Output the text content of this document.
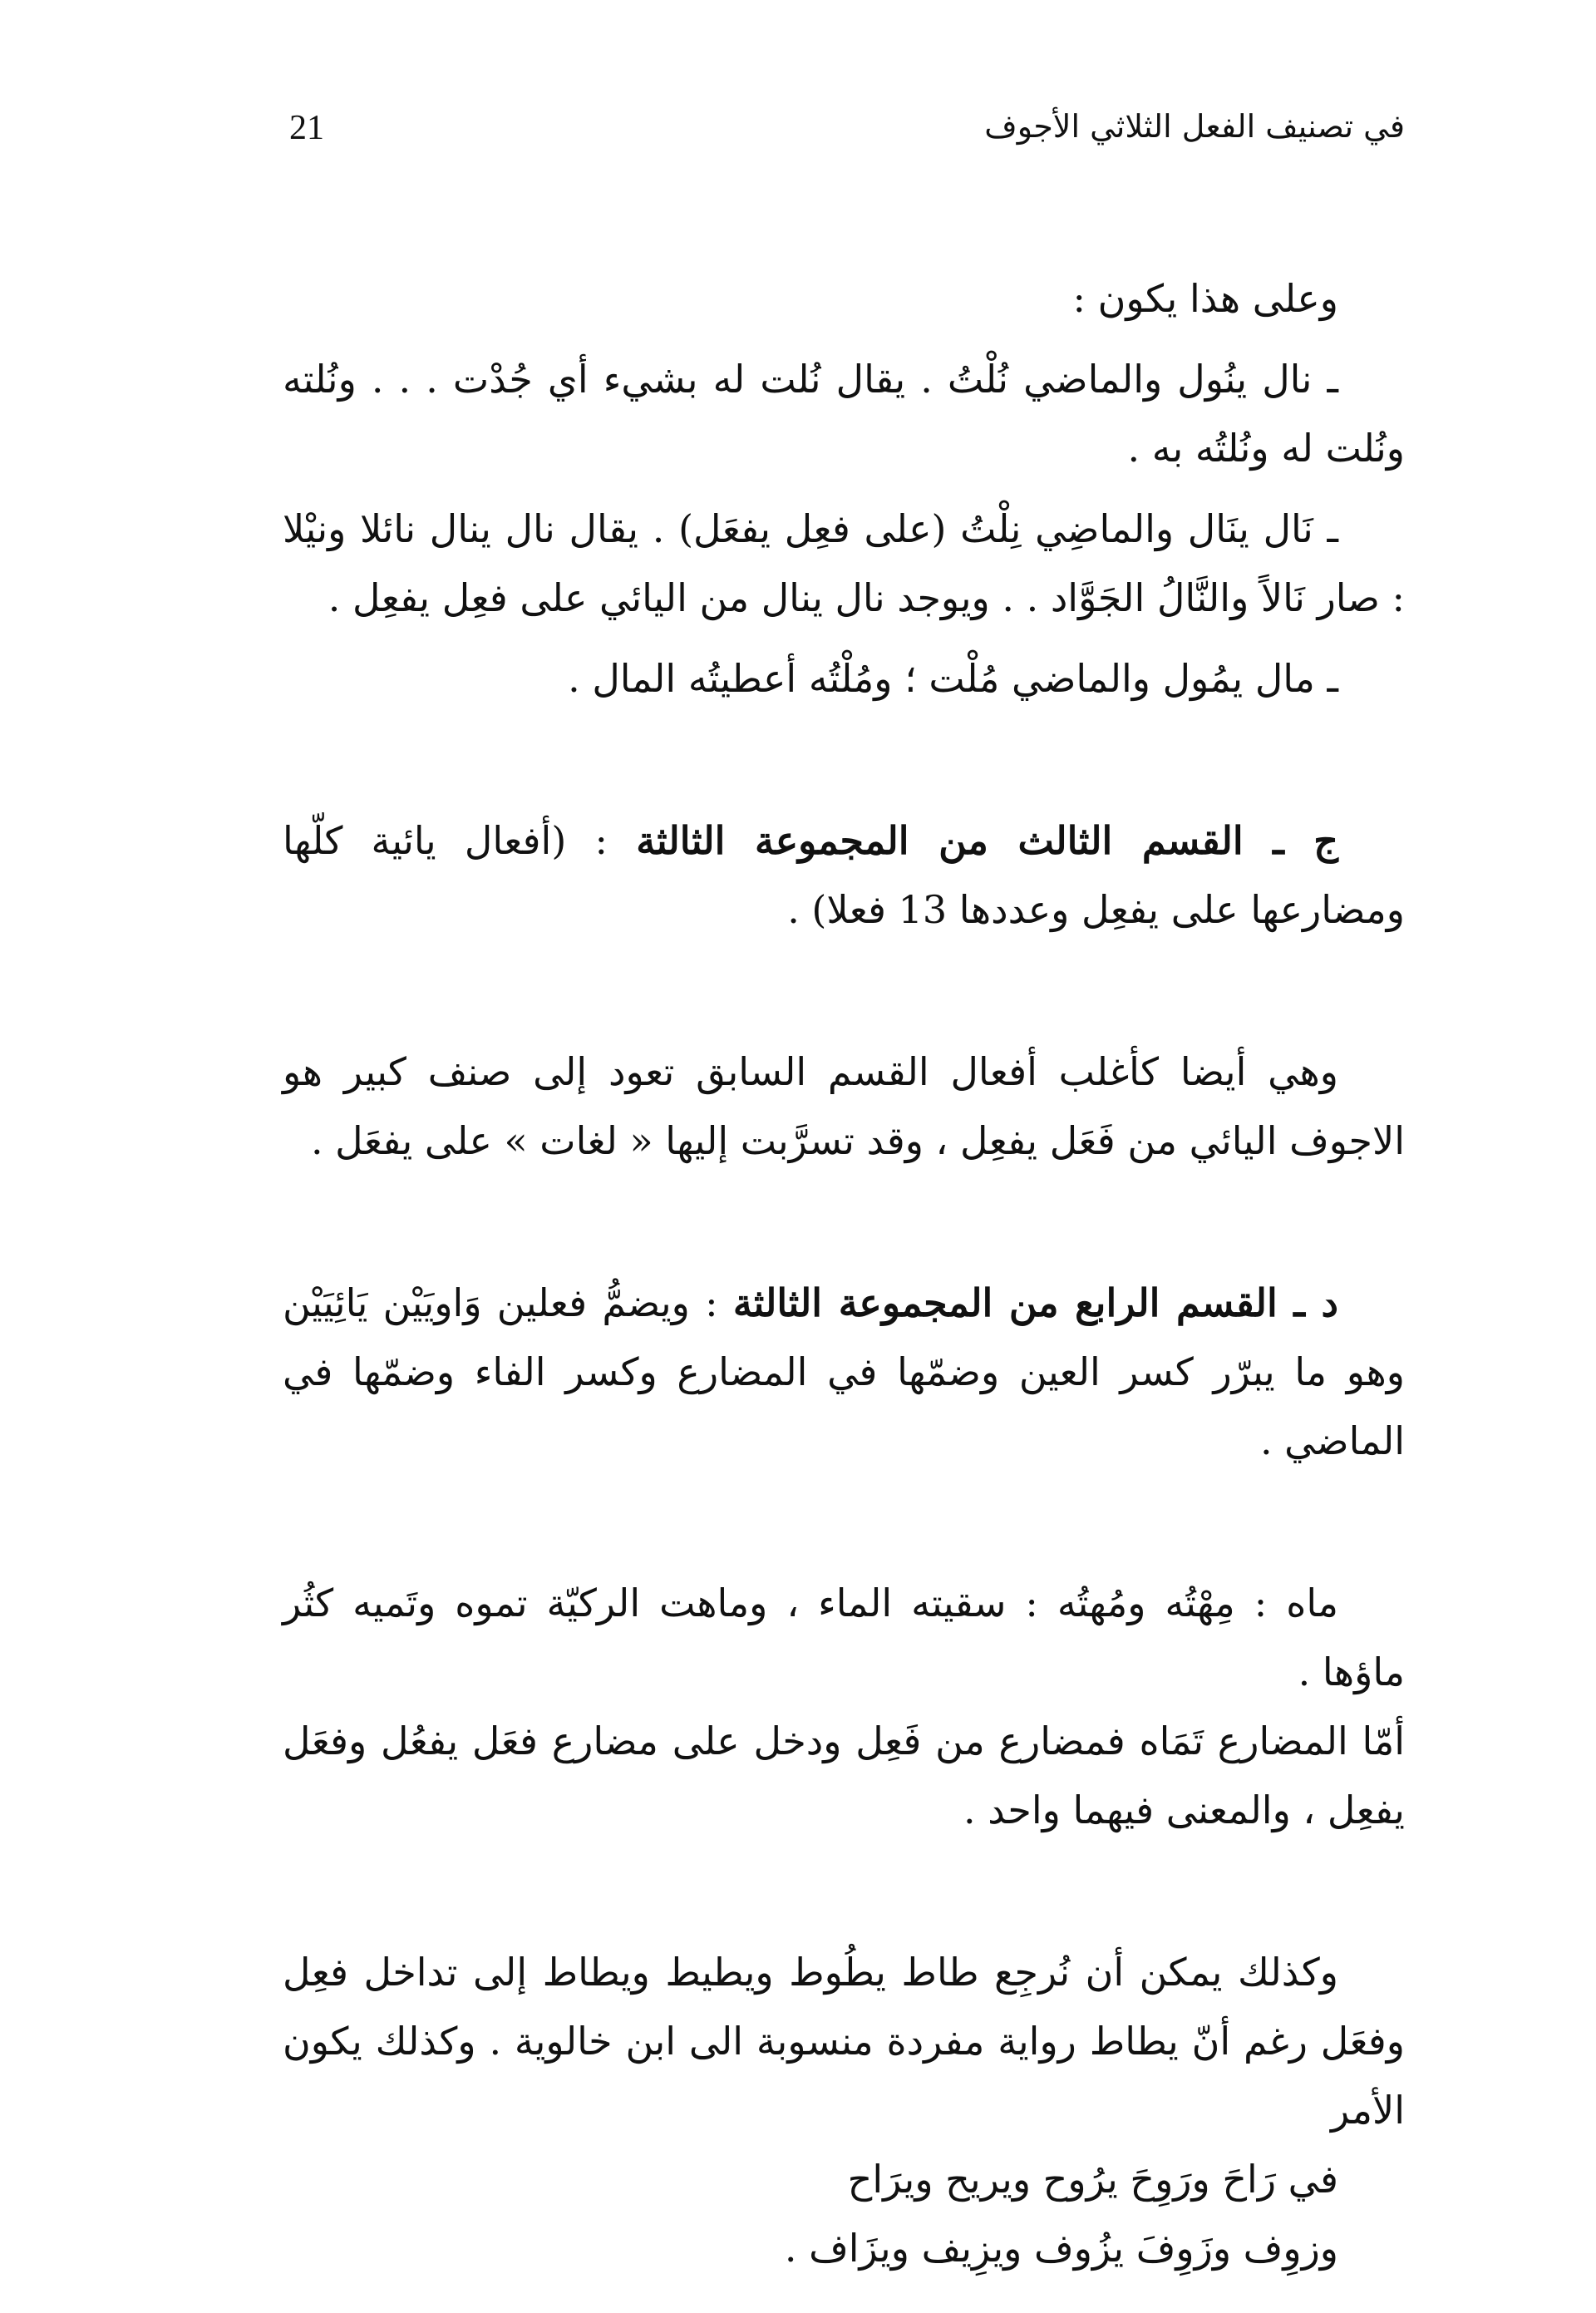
21	في تصنيف الفعل الثلاثي الأجوف

وعلى هذا يكون :

ـ نال ينُول والماضي نُلْتُ . يقال نُلت له بشيء أي جُدْت . . . ونُلته ونُلت له ونُلتُه به .

ـ نَال ينَال والماضِي نِلْتُ (على فعِل يفعَل) . يقال نال ينال نائلا ونيْلا : صار نَالاً والنَّالُ الجَوَّاد . . ويوجد نال ينال من اليائي على فعِل يفعِل .

ـ مال يمُول والماضي مُلْت ؛ ومُلْتُه أعطيتُه المال .

ج ـ القسم الثالث من المجموعة الثالثة : (أفعال يائية كلّها ومضارعها على يفعِل وعددها 13 فعلا) .

وهي أيضا كأغلب أفعال القسم السابق تعود إلى صنف كبير هو الاجوف اليائي من فَعَل يفعِل ، وقد تسرَّبت إليها « لغات » على يفعَل .

د ـ القسم الرابع من المجموعة الثالثة : ويضمُّ فعلين وَاويَيْن يَائِيَيْن وهو ما يبرّر كسر العين وضمّها في المضارع وكسر الفاء وضمّها في الماضي .

ماه : مِهْتُه ومُهتُه : سقيته الماء ، وماهت الركيّة تموه وتَميه كثُر ماؤها .
أمّا المضارع تَمَاه فمضارع من فَعِل ودخل على مضارع فعَل يفعُل وفعَل يفعِل ، والمعنى فيهما واحد .

وكذلك يمكن أن نُرجِع طاط يطُوط ويطيط ويطاط إلى تداخل فعِل وفعَل رغم أنّ يطاط رواية مفردة منسوبة الى ابن خالوية . وكذلك يكون الأمر
في رَاحَ ورَوِحَ يرُوح ويريح ويرَاح
وزوِف وزَوِفَ يزُوف ويزِيف ويزَاف .
